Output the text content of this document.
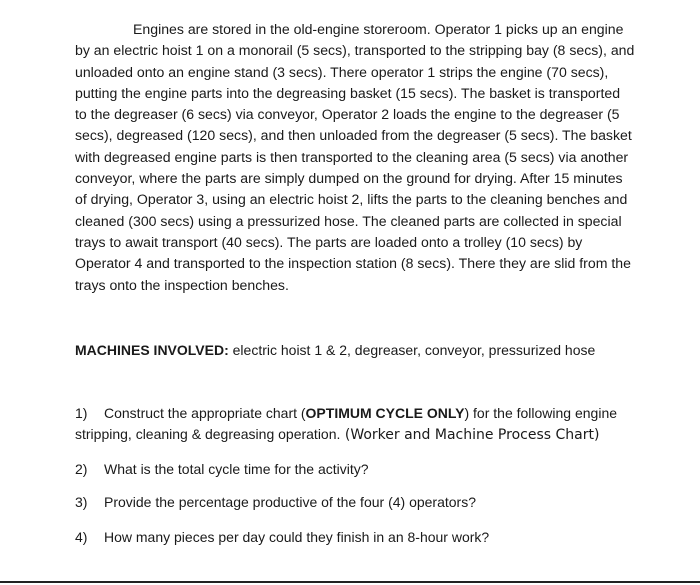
Engines are stored in the old-engine storeroom. Operator 1 picks up an engine by an electric hoist 1 on a monorail (5 secs), transported to the stripping bay (8 secs), and unloaded onto an engine stand (3 secs). There operator 1 strips the engine (70 secs), putting the engine parts into the degreasing basket (15 secs). The basket is transported to the degreaser (6 secs) via conveyor, Operator 2 loads the engine to the degreaser (5 secs), degreased (120 secs), and then unloaded from the degreaser (5 secs). The basket with degreased engine parts is then transported to the cleaning area (5 secs) via another conveyor, where the parts are simply dumped on the ground for drying. After 15 minutes of drying, Operator 3, using an electric hoist 2, lifts the parts to the cleaning benches and cleaned (300 secs) using a pressurized hose. The cleaned parts are collected in special trays to await transport (40 secs). The parts are loaded onto a trolley (10 secs) by Operator 4 and transported to the inspection station (8 secs). There they are slid from the trays onto the inspection benches.

MACHINES INVOLVED: electric hoist 1 & 2, degreaser, conveyor, pressurized hose

1) Construct the appropriate chart (OPTIMUM CYCLE ONLY) for the following engine stripping, cleaning & degreasing operation. (Worker and Machine Process Chart)
2) What is the total cycle time for the activity?
3) Provide the percentage productive of the four (4) operators?
4) How many pieces per day could they finish in an 8-hour work?
